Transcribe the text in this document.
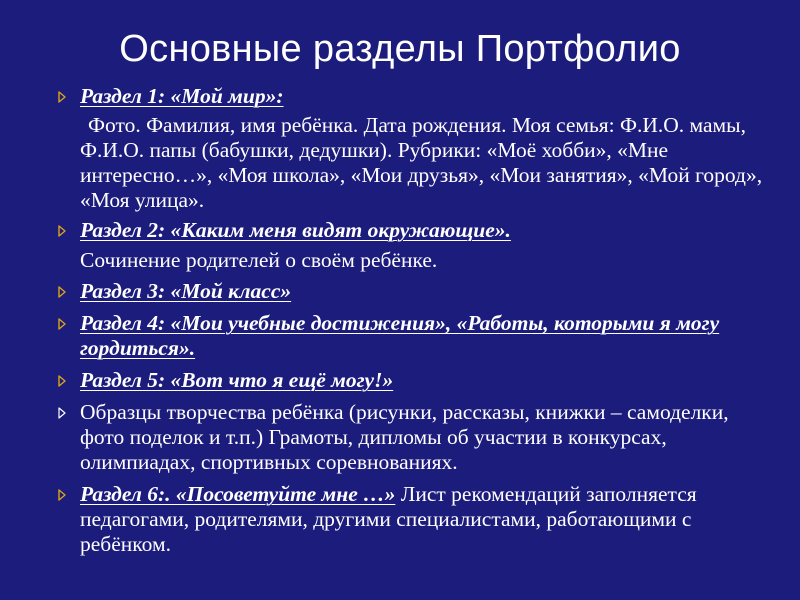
Основные разделы Портфолио
Раздел 1: «Мой мир»:
Фото. Фамилия, имя ребёнка. Дата рождения. Моя семья: Ф.И.О. мамы, Ф.И.О. папы (бабушки, дедушки). Рубрики: «Моё хобби», «Мне интересно…», «Моя школа», «Мои друзья», «Мои занятия», «Мой город», «Моя улица».
Раздел 2: «Каким меня видят окружающие».
Сочинение родителей о своём ребёнке.
Раздел 3: «Мой класс»
Раздел 4: «Мои учебные достижения», «Работы, которыми я могу гордиться».
Раздел 5: «Вот что я ещё могу!»
Образцы творчества ребёнка (рисунки, рассказы, книжки – самоделки, фото поделок и т.п.) Грамоты, дипломы об участии в конкурсах, олимпиадах, спортивных соревнованиях.
Раздел 6:. «Посоветуйте мне …» Лист рекомендаций заполняется педагогами, родителями, другими специалистами, работающими с ребёнком.
